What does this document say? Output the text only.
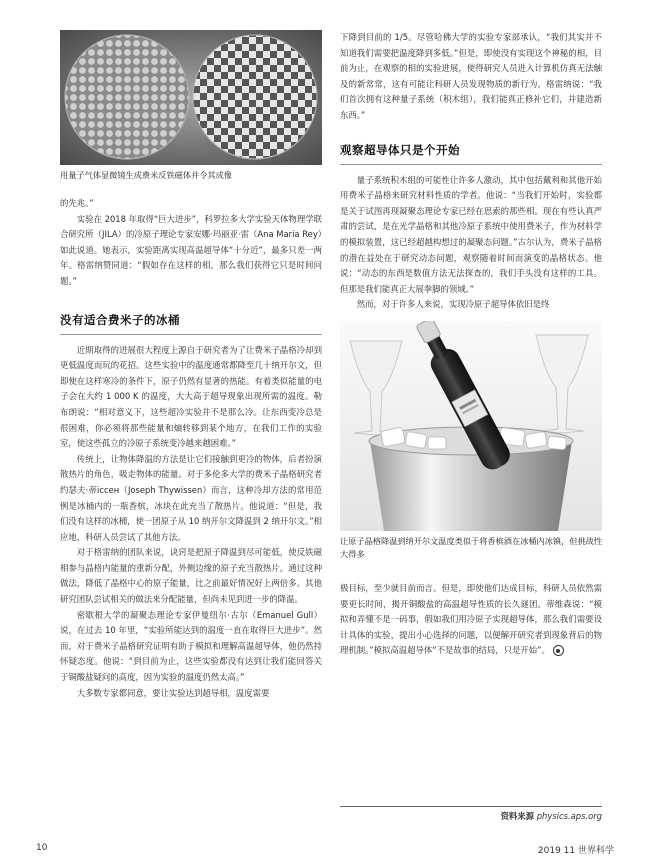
用量子气体显微镜生成费米反铁磁体并令其成像

的先兆。”

实验在 2018 年取得“巨大进步”，科罗拉多大学实验天体物理学联合研究所（JILA）的冷原子理论专家安娜·玛丽亚·雷（Ana Maria Rey）如此说道。她表示，实验距离实现高温超导体“十分近”，最多只差一两年。格雷纳赞同道：“假如存在这样的相，那么我们获得它只是时间问题。”

没有适合费米子的冰桶

近期取得的进展很大程度上源自于研究者为了让费米子晶格冷却到更低温度而玩的花招。这些实验中的温度通常都降至几十纳开尔文，但即使在这样寒冷的条件下，原子仍然有显著的热能。有着类似能量的电子会在大约 1 000 K 的温度，大大高于超导现象出现所需的温度。勒布朗说：“相对意义下，这些超冷实验并不是那么冷。让东西变冷总是很困难，你必须将那些能量和熵转移到某个地方，在我们工作的实验室，使这些孤立的冷原子系统变冷越来越困难。”

传统上，让物体降温的方法是让它们接触到更冷的物体，后者扮演散热片的角色，吸走物体的能量。对于多伦多大学的费米子晶格研究者约瑟夫·蒂іссен（Joseph Thywissen）而言，这种冷却方法的常用范例是冰桶内的一瓶香槟，冰块在此充当了散热片。他说道：“但是，我们没有这样的冰桶，使一团原子从 10 纳开尔文降温到 2 纳开尔文。”相应地，科研人员尝试了其他方法。

对于格雷纳的团队来说，诀窍是把原子降温到尽可能低，使反铁磁相参与晶格内能量的重新分配，外侧边缘的原子充当散热片。通过这种做法，降低了晶格中心的原子能量，比之前最好情况好上两倍多。其他研究团队尝试相关的做法来分配能量，但尚未见到进一步的降温。

密歇根大学的凝聚态理论专家伊曼纽尔·古尔（Emanuel Gull）说，在过去 10 年里，“实验所能达到的温度一直在取得巨大进步”。然而，对于费米子晶格研究证明有助于模拟和理解高温超导体，他仍然持怀疑态度。他说：“到目前为止，这些实验都没有达到让我们能回答关于铜酸盐疑问的高度，因为实验的温度仍然太高。”

大多数专家都同意，要让实验达到超导相，温度需要

下降到目前的 1/5。尽管哈佛大学的实验专家部承认，“我们其实并不知道我们需要把温度降到多低。”但是，即使没有实现这个神秘的相，目前为止，在观察的相的实验进展，使得研究人员进入计算机仿真无法触及的新常常，这有可能让科研人员发现物质的新行为。格雷纳说：“我们首次拥有这种量子系统（积木组），我们能真正修补它们，并建造新东西。”

观察超导体只是个开始

量子系统积木组的可能性让许多人激动，其中包括戴利和其他开始用费米子晶格来研究材料性质的学者。他说：“当我们开始时，实验都是关于试图再现凝聚态理论专家已经在思索的那些相。现在有些认真严肃的尝试，是在光学晶格和其他冷原子系统中使用费米子，作为材料学的模拟装置，这已经超越构想过的凝聚态问题。”古尔认为，费米子晶格的潜在益处在于研究动态问题，观察随着时间而演变的晶格状态。他说：“动态的东西是数值方法无法探查的，我们手头没有这样的工具。但那是我们能真正大展拳脚的领域。”

然而，对于许多人来说，实现冷原子超导体依旧是终

让原子晶格降温到纳开尔文温度类似于将香槟酒在冰桶内冰镇，但挑战性大得多

极目标，至少就目前而言。但是，即使他们达成目标，科研人员依然需要更长时间，揭开铜酸盐的高温超导性质的长久谜团。蒂维森说：“模拟和弄懂不是一码事，假如我们用冷原子实现超导体，那么我们需要设计具体的实验，提出小心选择的问题，以便解开研究者到现象背后的物理机制。”模拟高温超导体“不是故事的结局，只是开始”。

资料来源 physics.aps.org
10	2019 11 世界科学
